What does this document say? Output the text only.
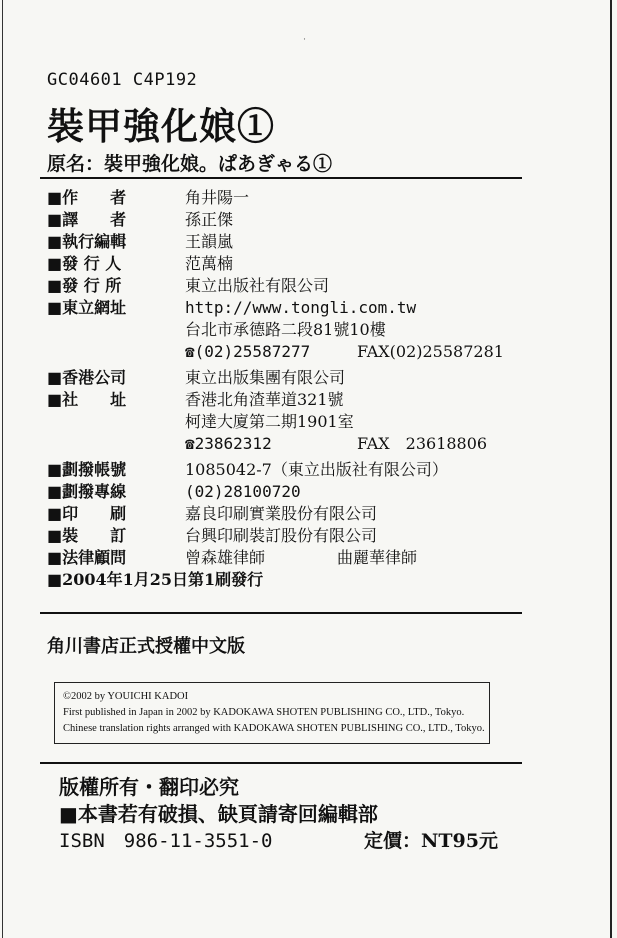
˙
GC04601 C4P192
裝甲強化娘①
原名：裝甲強化娘。ぱあぎゃる①
■作　　者	角井陽一
■譯　　者	孫正傑
■執行編輯	王韻嵐
■發 行 人	范萬楠
■發 行 所	東立出版社有限公司
■東立網址	http://www.tongli.com.tw
台北市承德路二段81號10樓
☎(02)25587277	FAX(02)25587281
■香港公司	東立出版集團有限公司
■社　　址	香港北角渣華道321號
柯達大廈第二期1901室
☎23862312	FAX　23618806
■劃撥帳號	1085042-7（東立出版社有限公司）
■劃撥專線	(02)28100720
■印　　刷	嘉良印刷實業股份有限公司
■裝　　訂	台興印刷裝訂股份有限公司
■法律顧問	曾森雄律師	曲麗華律師
■2004年1月25日第1刷發行
角川書店正式授權中文版
©2002 by YOUICHI KADOI
First published in Japan in 2002 by KADOKAWA SHOTEN PUBLISHING CO., LTD., Tokyo.
Chinese translation rights arranged with KADOKAWA SHOTEN PUBLISHING CO., LTD., Tokyo.
版權所有・翻印必究
■本書若有破損、缺頁請寄回編輯部
ISBN　986-11-3551-0	定價：NT95元
